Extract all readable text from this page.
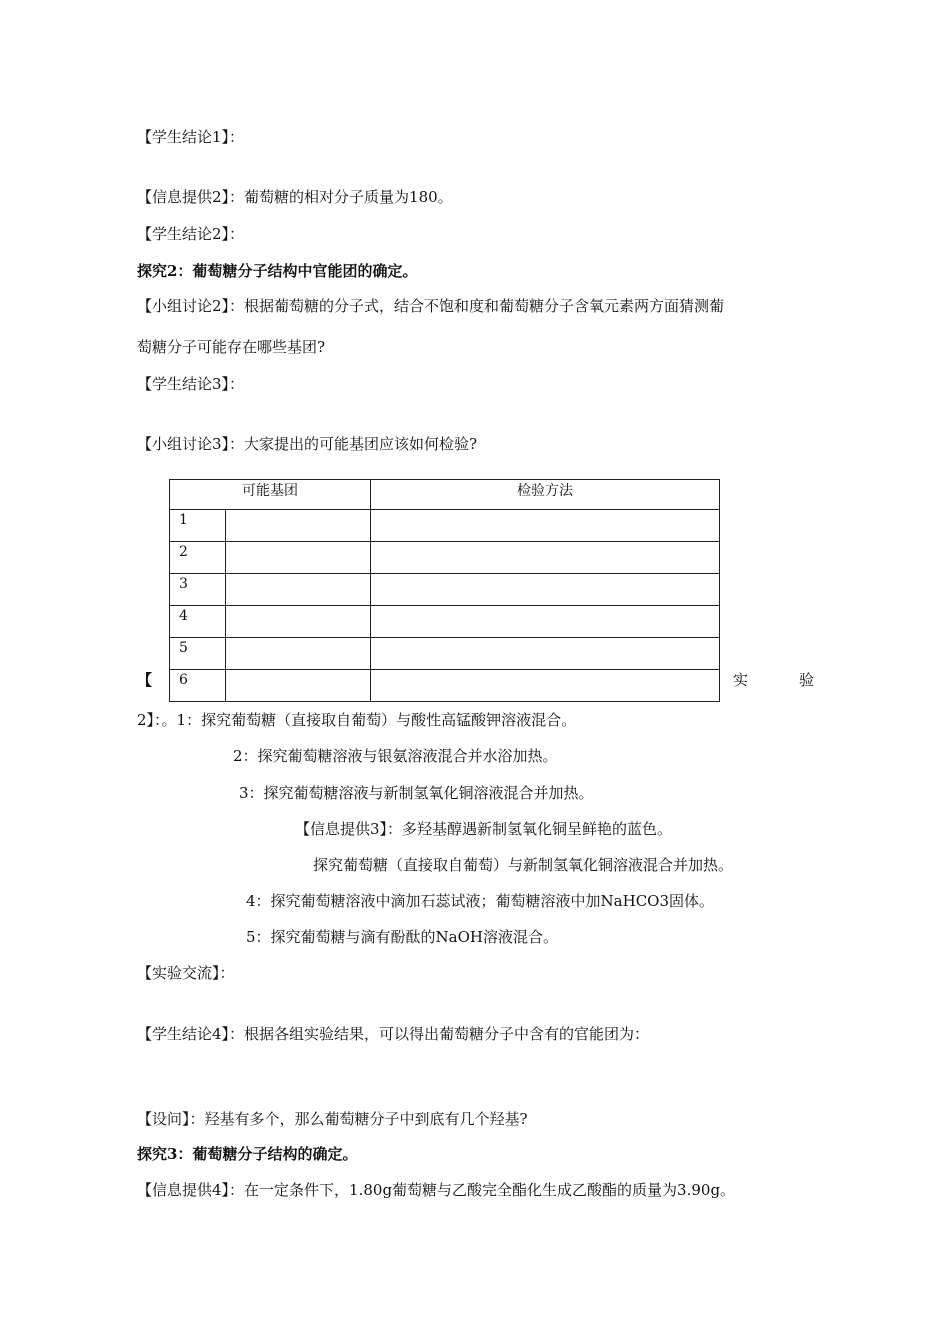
【学生结论1】：
【信息提供2】：葡萄糖的相对分子质量为180。
【学生结论2】：
探究2：葡萄糖分子结构中官能团的确定。
【小组讨论2】：根据葡萄糖的分子式，结合不饱和度和葡萄糖分子含氧元素两方面猜测葡
萄糖分子可能存在哪些基团?
【学生结论3】：
【小组讨论3】：大家提出的可能基团应该如何检验?
可能基团		检验方法
1		
2		
3		
4		
5		
6		
【	实	验
2】：。1：探究葡萄糖（直接取自葡萄）与酸性高锰酸钾溶液混合。
2：探究葡萄糖溶液与银氨溶液混合并水浴加热。
3：探究葡萄糖溶液与新制氢氧化铜溶液混合并加热。
【信息提供3】：多羟基醇遇新制氢氧化铜呈鲜艳的蓝色。
探究葡萄糖（直接取自葡萄）与新制氢氧化铜溶液混合并加热。
4：探究葡萄糖溶液中滴加石蕊试液；葡萄糖溶液中加NaHCO3固体。
5：探究葡萄糖与滴有酚酞的NaOH溶液混合。
【实验交流】：
【学生结论4】：根据各组实验结果，可以得出葡萄糖分子中含有的官能团为：
【设问】：羟基有多个，那么葡萄糖分子中到底有几个羟基?
探究3：葡萄糖分子结构的确定。
【信息提供4】：在一定条件下，1.80g葡萄糖与乙酸完全酯化生成乙酸酯的质量为3.90g。
